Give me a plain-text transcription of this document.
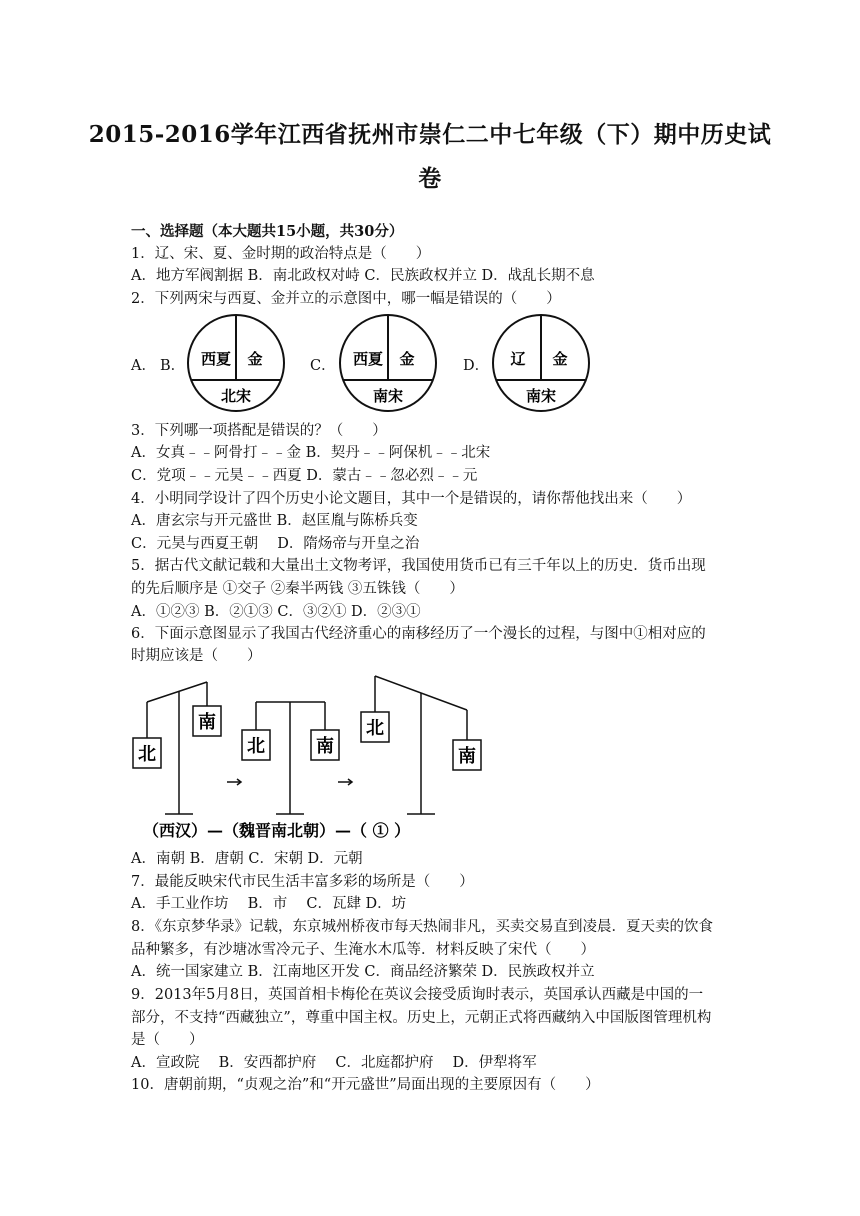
2015-2016学年江西省抚州市崇仁二中七年级（下）期中历史试
卷
一、选择题（本大题共15小题，共30分）
1．辽、宋、夏、金时期的政治特点是（　　）
A．地方军阀割据 B．南北政权对峙 C．民族政权并立 D．战乱长期不息
2．下列两宋与西夏、金并立的示意图中，哪一幅是错误的（　　）
A． B． 西夏 金
北宋
C． 西夏 金
南宋
D． 辽 金
南宋
3．下列哪一项搭配是错误的？（　　）
A．女真﹣﹣阿骨打﹣﹣金 B．契丹﹣﹣阿保机﹣﹣北宋
C．党项﹣﹣元昊﹣﹣西夏 D．蒙古﹣﹣忽必烈﹣﹣元
4．小明同学设计了四个历史小论文题目，其中一个是错误的，请你帮他找出来（　　）
A．唐玄宗与开元盛世 B．赵匡胤与陈桥兵变
C．元昊与西夏王朝　 D．隋炀帝与开皇之治
5．据古代文献记载和大量出土文物考评，我国使用货币已有三千年以上的历史．货币出现
的先后顺序是 ①交子 ②秦半两钱 ③五铢钱（　　）
A．①②③ B．②①③ C．③②① D．②③①
6．下面示意图显示了我国古代经济重心的南移经历了一个漫长的过程，与图中①相对应的
时期应该是（　　）
北
南
北	南
北
南
（西汉）—（魏晋南北朝）—（ ① ）
A．南朝 B．唐朝 C．宋朝 D．元朝
7．最能反映宋代市民生活丰富多彩的场所是（　　）
A．手工业作坊　 B．市　 C．瓦肆 D．坊
8．《东京梦华录》记载，东京城州桥夜市每天热闹非凡，买卖交易直到凌晨．夏天卖的饮食
品种繁多，有沙塘冰雪冷元子、生淹水木瓜等．材料反映了宋代（　　）
A．统一国家建立 B．江南地区开发 C．商品经济繁荣 D．民族政权并立
9．2013年5月8日，英国首相卡梅伦在英议会接受质询时表示，英国承认西藏是中国的一
部分，不支持“西藏独立”，尊重中国主权。历史上，元朝正式将西藏纳入中国版图管理机构
是（　　）
A．宣政院　 B．安西都护府　 C．北庭都护府　 D．伊犁将军
10．唐朝前期，“贞观之治”和“开元盛世”局面出现的主要原因有（　　）
